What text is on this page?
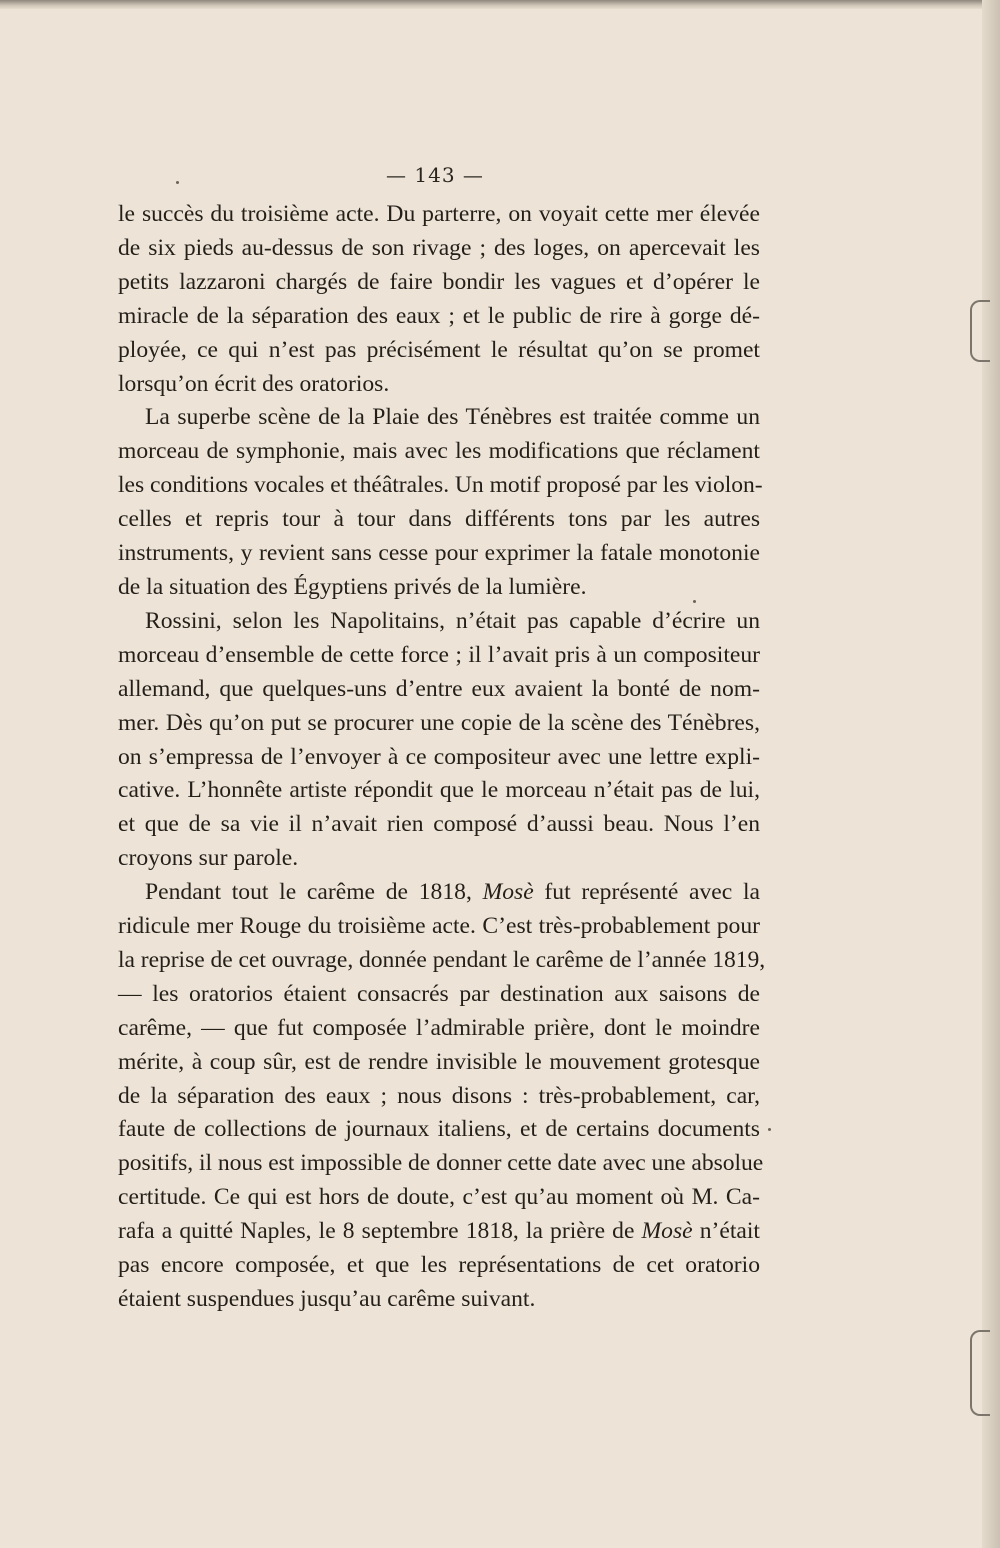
— 143 —

le succès du troisième acte. Du parterre, on voyait cette mer élevée
de six pieds au-dessus de son rivage ; des loges, on apercevait les
petits lazzaroni chargés de faire bondir les vagues et d’opérer le
miracle de la séparation des eaux ; et le public de rire à gorge dé-
ployée, ce qui n’est pas précisément le résultat qu’on se promet
lorsqu’on écrit des oratorios.

La superbe scène de la Plaie des Ténèbres est traitée comme un
morceau de symphonie, mais avec les modifications que réclament
les conditions vocales et théâtrales. Un motif proposé par les violon-
celles et repris tour à tour dans différents tons par les autres
instruments, y revient sans cesse pour exprimer la fatale monotonie
de la situation des Égyptiens privés de la lumière.

Rossini, selon les Napolitains, n’était pas capable d’écrire un
morceau d’ensemble de cette force ; il l’avait pris à un compositeur
allemand, que quelques-uns d’entre eux avaient la bonté de nom-
mer. Dès qu’on put se procurer une copie de la scène des Ténèbres,
on s’empressa de l’envoyer à ce compositeur avec une lettre expli-
cative. L’honnête artiste répondit que le morceau n’était pas de lui,
et que de sa vie il n’avait rien composé d’aussi beau. Nous l’en
croyons sur parole.

Pendant tout le carême de 1818, Mosè fut représenté avec la
ridicule mer Rouge du troisième acte. C’est très-probablement pour
la reprise de cet ouvrage, donnée pendant le carême de l’année 1819,
— les oratorios étaient consacrés par destination aux saisons de
carême, — que fut composée l’admirable prière, dont le moindre
mérite, à coup sûr, est de rendre invisible le mouvement grotesque
de la séparation des eaux ; nous disons : très-probablement, car,
faute de collections de journaux italiens, et de certains documents
positifs, il nous est impossible de donner cette date avec une absolue
certitude. Ce qui est hors de doute, c’est qu’au moment où M. Ca-
rafa a quitté Naples, le 8 septembre 1818, la prière de Mosè n’était
pas encore composée, et que les représentations de cet oratorio
étaient suspendues jusqu’au carême suivant.
